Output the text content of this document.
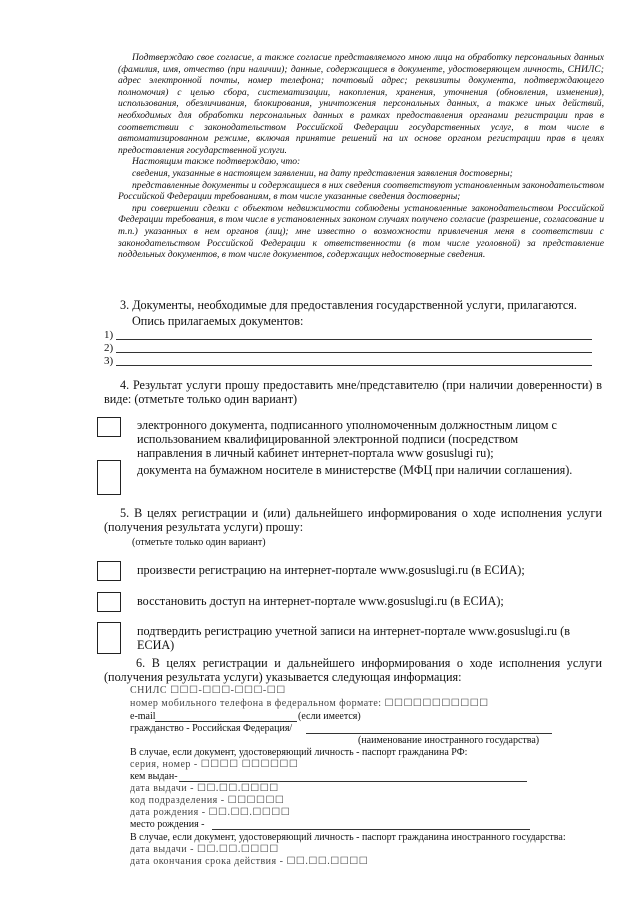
Подтверждаю свое согласие, а также согласие представляемого мною лица на обработку персональных данных (фамилия, имя, отчество (при наличии); данные, содержащиеся в документе, удостоверяющем личность, СНИЛС; адрес электронной почты, номер телефона; почтовый адрес; реквизиты документа, подтверждающего полномочия) с целью сбора, систематизации, накопления, хранения, уточнения (обновления, изменения), использования, обезличивания, блокирования, уничтожения персональных данных, а также иных действий, необходимых для обработки персональных данных в рамках предоставления органами регистрации прав в соответствии с законодательством Российской Федерации государственных услуг, в том числе в автоматизированном режиме, включая принятие решений на их основе органом регистрации прав в целях предоставления государственной услуги.

Настоящим также подтверждаю, что:

сведения, указанные в настоящем заявлении, на дату представления заявления достоверны;

представленные документы и содержащиеся в них сведения соответствуют установленным законодательством Российской Федерации требованиям, в том числе указанные сведения достоверны;

при совершении сделки с объектом недвижимости соблюдены установленные законодательством Российской Федерации требования, в том числе в установленных законом случаях получено согласие (разрешение, согласование и т.п.) указанных в нем органов (лиц); мне известно о возможности привлечения меня в соответствии с законодательством Российской Федерации к ответственности (в том числе уголовной) за представление поддельных документов, в том числе документов, содержащих недостоверные сведения.

3. Документы, необходимые для предоставления государственной услуги, прилагаются.
Опись прилагаемых документов:
1)
2)
3)
4. Результат услуги прошу предоставить мне/представителю (при наличии доверенности) в виде: (отметьте только один вариант)
электронного документа, подписанного уполномоченным должностным лицом с использованием квалифицированной электронной подписи (посредством направления в личный кабинет интернет-портала www gosuslugi ru);
документа на бумажном носителе в министерстве (МФЦ при наличии соглашения).
5. В целях регистрации и (или) дальнейшего информирования о ходе исполнения услуги (получения результата услуги) прошу:
(отметьте только один вариант)
произвести регистрацию на интернет-портале www.gosuslugi.ru (в ЕСИА);
восстановить доступ на интернет-портале www.gosuslugi.ru (в ЕСИА);
подтвердить регистрацию учетной записи на интернет-портале www.gosuslugi.ru (в ЕСИА)
6. В целях регистрации и дальнейшего информирования о ходе исполнения услуги (получения результата услуги) указывается следующая информация:
СНИЛС ☐☐☐-☐☐☐-☐☐☐-☐☐
номер мобильного телефона в федеральном формате: ☐☐☐☐☐☐☐☐☐☐☐
e-mail	(если имеется)
гражданство - Российская Федерация/
(наименование иностранного государства)
В случае, если документ, удостоверяющий личность - паспорт гражданина РФ:
серия, номер - ☐☐☐☐ ☐☐☐☐☐☐
кем выдан-
дата выдачи - ☐☐.☐☐.☐☐☐☐
код подразделения - ☐☐☐☐☐☐
дата рождения - ☐☐.☐☐.☐☐☐☐
место рождения -
В случае, если документ, удостоверяющий личность - паспорт гражданина иностранного государства:
дата выдачи - ☐☐.☐☐.☐☐☐☐
дата окончания срока действия - ☐☐.☐☐.☐☐☐☐
